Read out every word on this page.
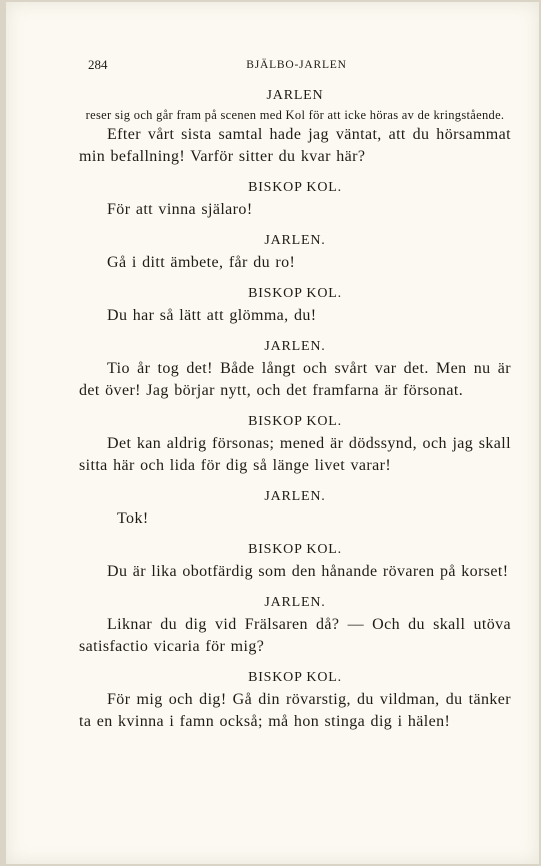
284	BJÄLBO-JARLEN
JARLEN
reser sig och går fram på scenen med Kol för att icke höras av de kringstående.

Efter vårt sista samtal hade jag väntat, att du hörsammat min befallning! Varför sitter du kvar här?

BISKOP KOL.

För att vinna själaro!

JARLEN.

Gå i ditt ämbete, får du ro!

BISKOP KOL.

Du har så lätt att glömma, du!

JARLEN.

Tio år tog det! Både långt och svårt var det. Men nu är det över! Jag börjar nytt, och det framfarna är försonat.

BISKOP KOL.

Det kan aldrig försonas; mened är dödssynd, och jag skall sitta här och lida för dig så länge livet varar!

JARLEN.

Tok!

BISKOP KOL.

Du är lika obotfärdig som den hånande rövaren på korset!

JARLEN.

Liknar du dig vid Frälsaren då? — Och du skall utöva satisfactio vicaria för mig?

BISKOP KOL.

För mig och dig! Gå din rövarstig, du vildman, du tänker ta en kvinna i famn också; må hon stinga dig i hälen!
